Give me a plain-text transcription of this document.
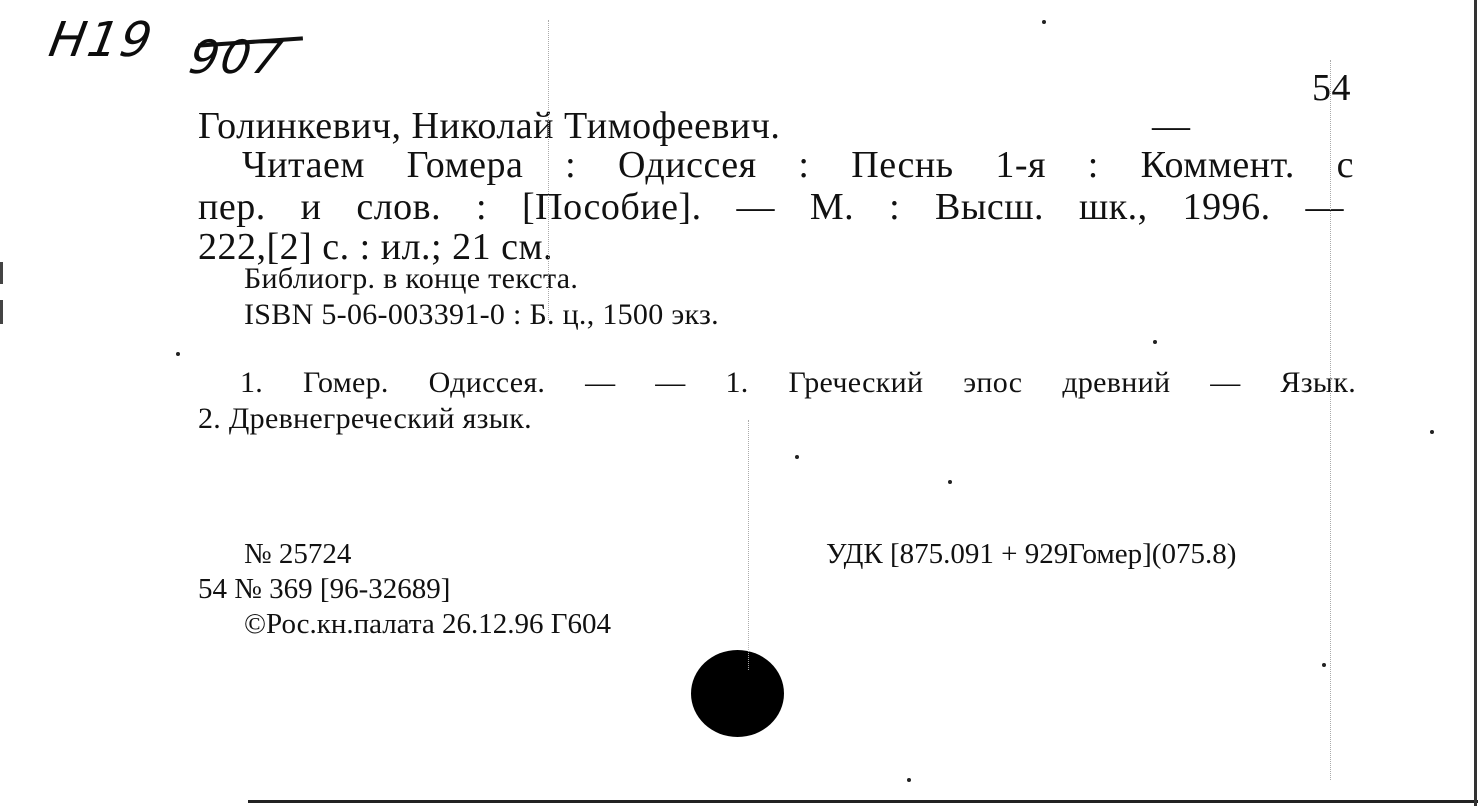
Н19 907
54
Голинкевич, Николай Тимофеевич.	—
Читаем Гомера : Одиссея : Песнь 1-я : Коммент. с
пер. и слов. : [Пособие]. — М. : Высш. шк., 1996. —
222,[2] с. : ил.; 21 см.
Библиогр. в конце текста.
ISBN 5-06-003391-0 : Б. ц., 1500 экз.
1. Гомер. Одиссея. — — 1. Греческий эпос древний — Язык.
2. Древнегреческий язык.
№ 25724	УДК [875.091 + 929Гомер](075.8)
54 № 369 [96-32689]
©Рос.кн.палата 26.12.96 Г604
